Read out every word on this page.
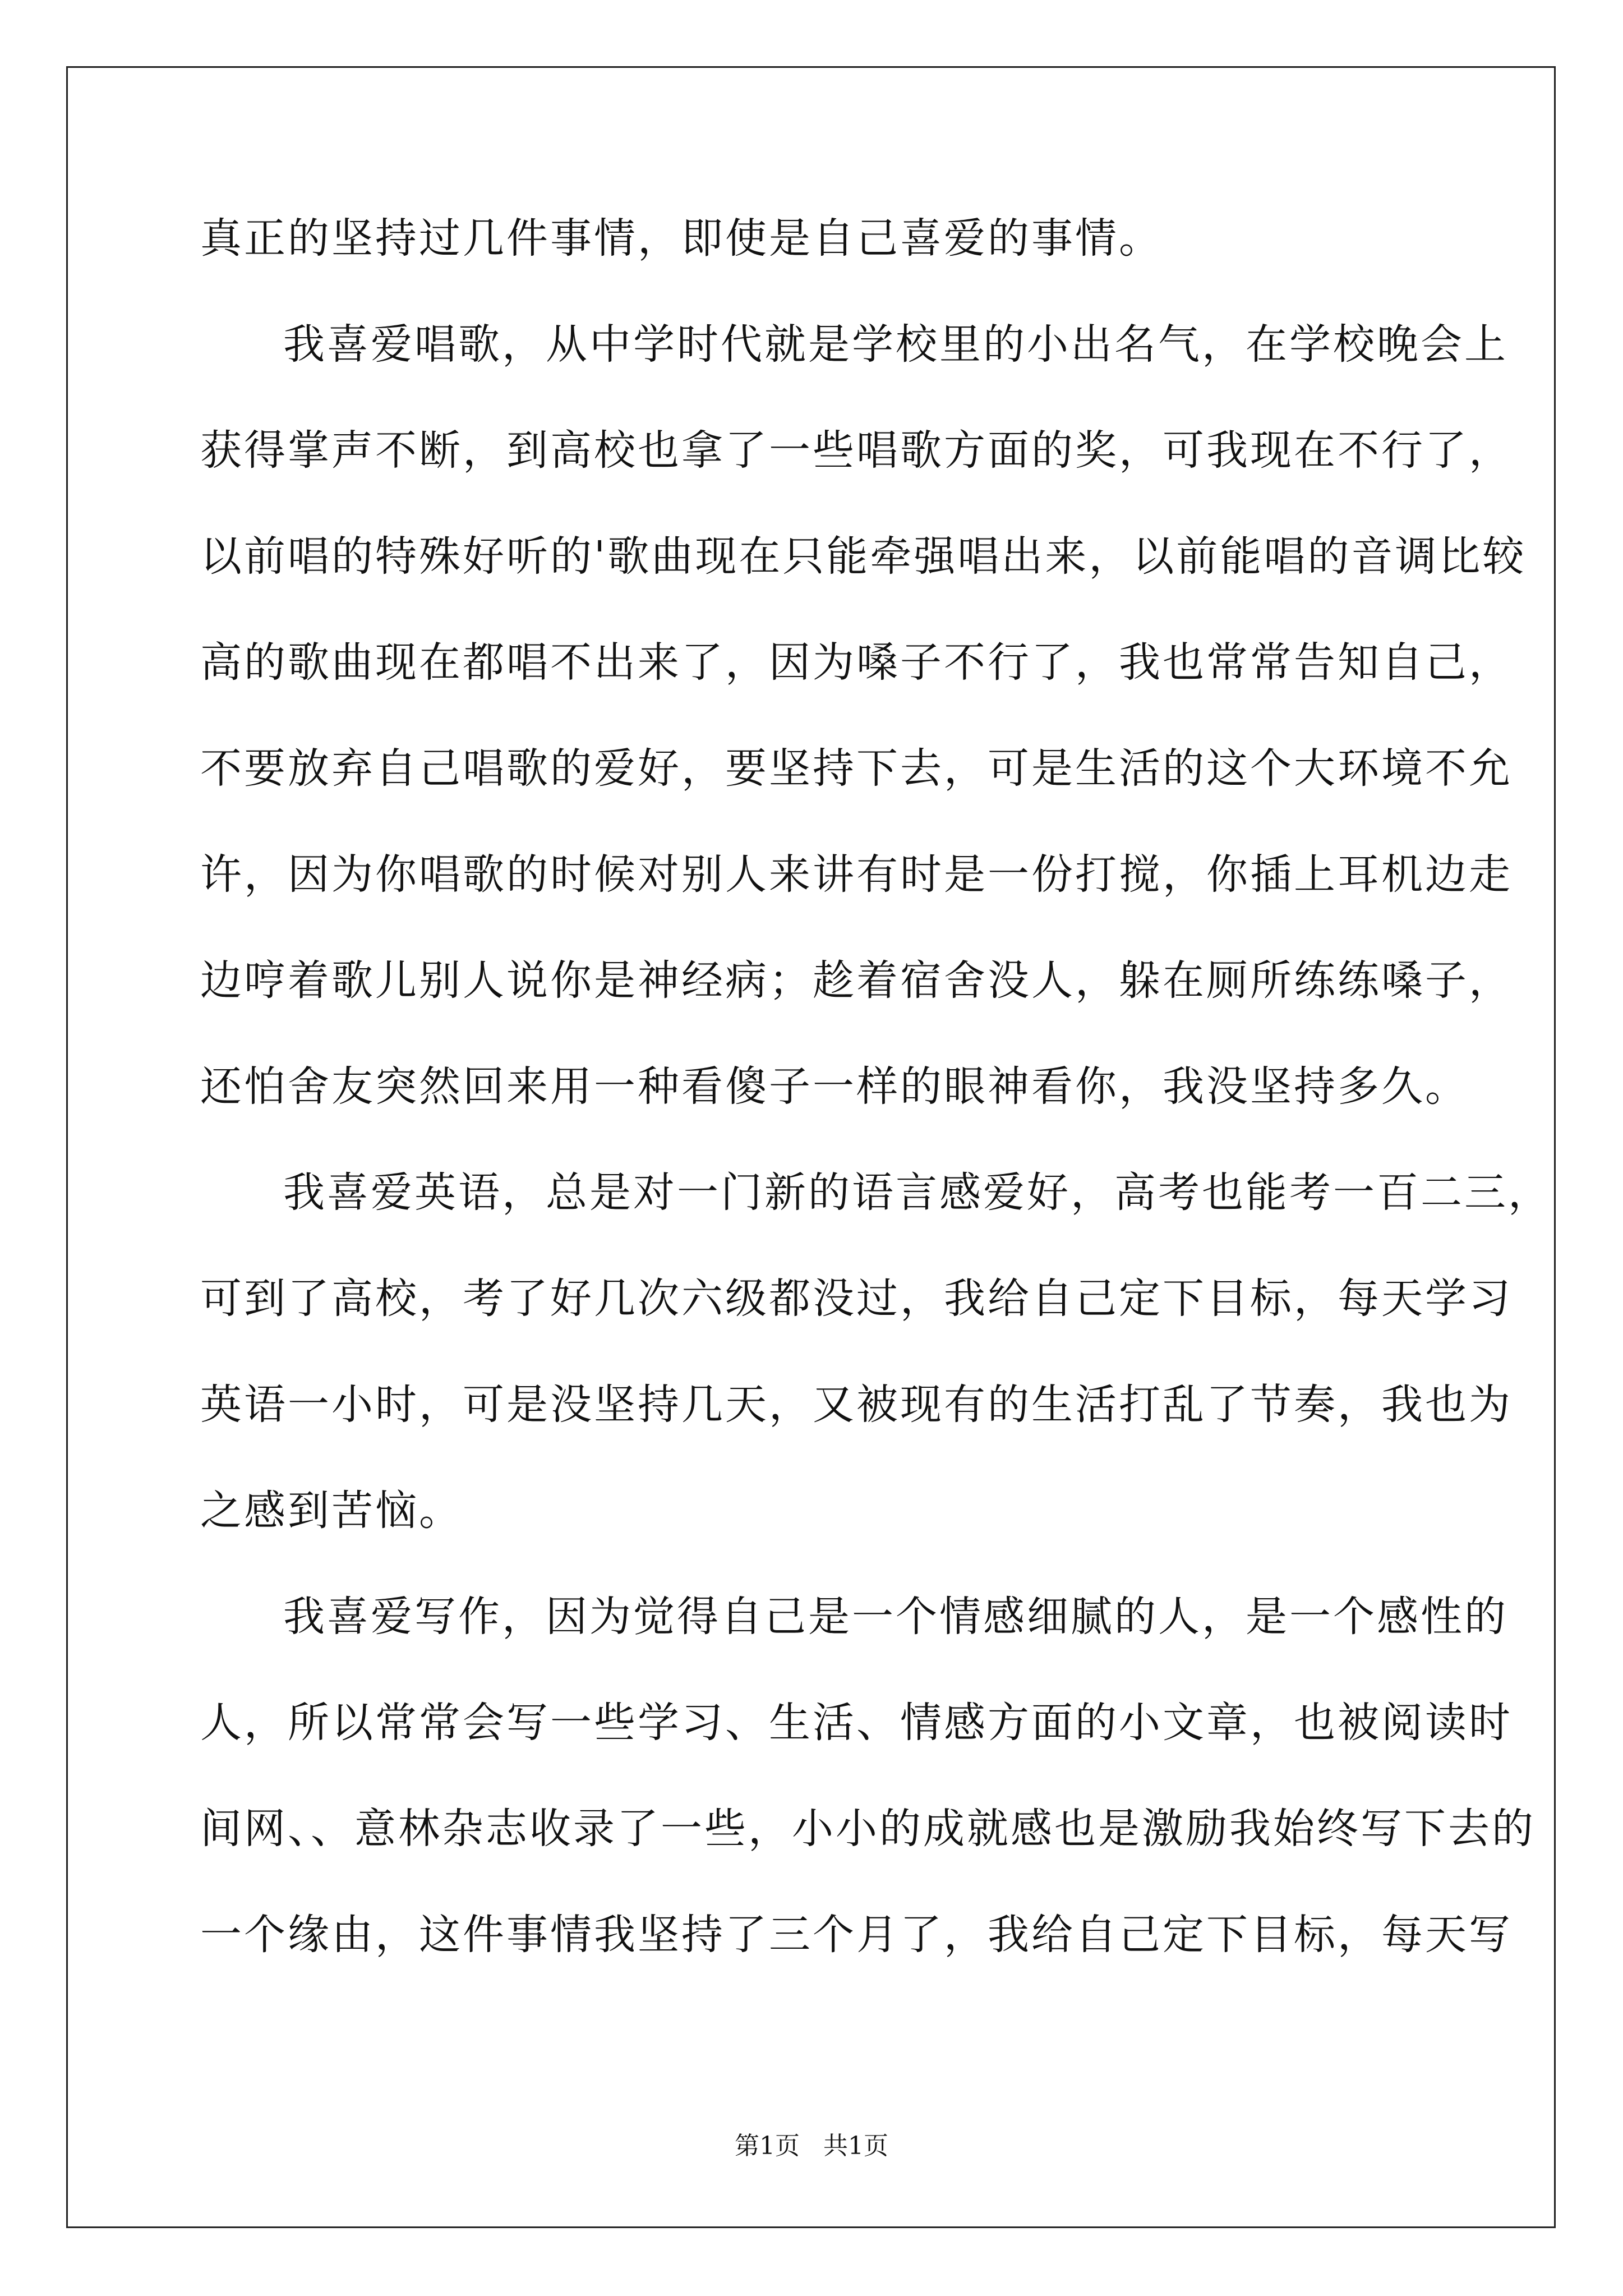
真正的坚持过几件事情，即使是自己喜爱的事情。
我喜爱唱歌，从中学时代就是学校里的小出名气，在学校晚会上
获得掌声不断，到高校也拿了一些唱歌方面的奖，可我现在不行了，
以前唱的特殊好听的'歌曲现在只能牵强唱出来，以前能唱的音调比较
高的歌曲现在都唱不出来了，因为嗓子不行了，我也常常告知自己，
不要放弃自己唱歌的爱好，要坚持下去，可是生活的这个大环境不允
许，因为你唱歌的时候对别人来讲有时是一份打搅，你插上耳机边走
边哼着歌儿别人说你是神经病；趁着宿舍没人，躲在厕所练练嗓子，
还怕舍友突然回来用一种看傻子一样的眼神看你，我没坚持多久。
我喜爱英语，总是对一门新的语言感爱好，高考也能考一百二三，
可到了高校，考了好几次六级都没过，我给自己定下目标，每天学习
英语一小时，可是没坚持几天，又被现有的生活打乱了节奏，我也为
之感到苦恼。
我喜爱写作，因为觉得自己是一个情感细腻的人，是一个感性的
人，所以常常会写一些学习、生活、情感方面的小文章，也被阅读时
间网、、意林杂志收录了一些，小小的成就感也是激励我始终写下去的
一个缘由，这件事情我坚持了三个月了，我给自己定下目标，每天写
第1页   共1页
